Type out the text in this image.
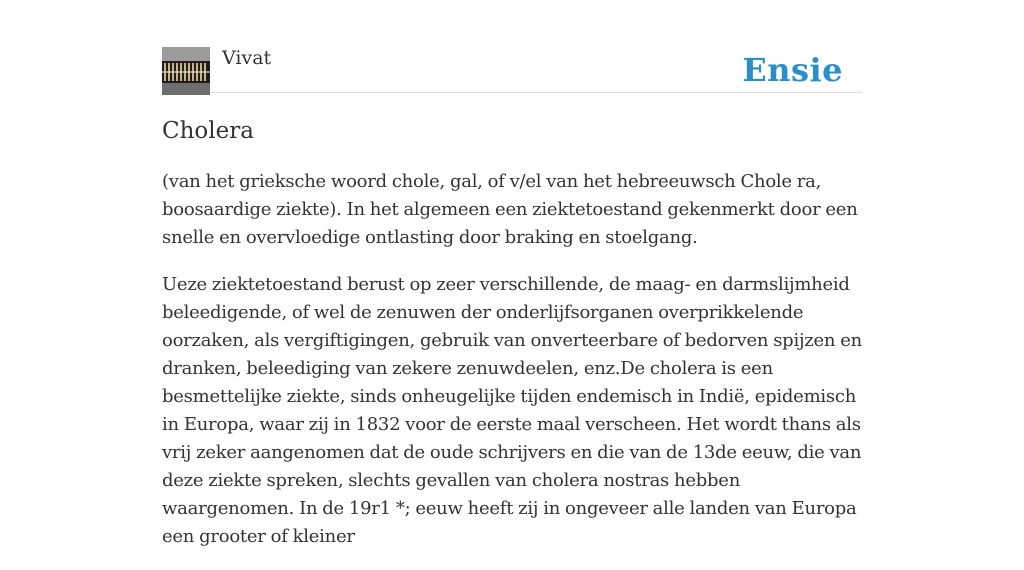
Vivat	Ensie
Cholera

(van het grieksche woord chole, gal, of v/el van het hebreeuwsch Chole ra, boosaardige ziekte). In het algemeen een ziektetoestand gekenmerkt door een snelle en overvloedige ontlasting door braking en stoelgang.

Ueze ziektetoestand berust op zeer verschillende, de maag- en darmslijmheid beleedigende, of wel de zenuwen der onderlijfsorganen overprikkelende oorzaken, als vergiftigingen, gebruik van onverteerbare of bedorven spijzen en dranken, beleediging van zekere zenuwdeelen, enz.De cholera is een besmettelijke ziekte, sinds onheugelijke tijden endemisch in Indië, epidemisch in Europa, waar zij in 1832 voor de eerste maal verscheen. Het wordt thans als vrij zeker aangenomen dat de oude schrijvers en die van de 13de eeuw, die van deze ziekte spreken, slechts gevallen van cholera nostras hebben waargenomen. In de 19r1 *; eeuw heeft zij in ongeveer alle landen van Europa een grooter of kleiner
